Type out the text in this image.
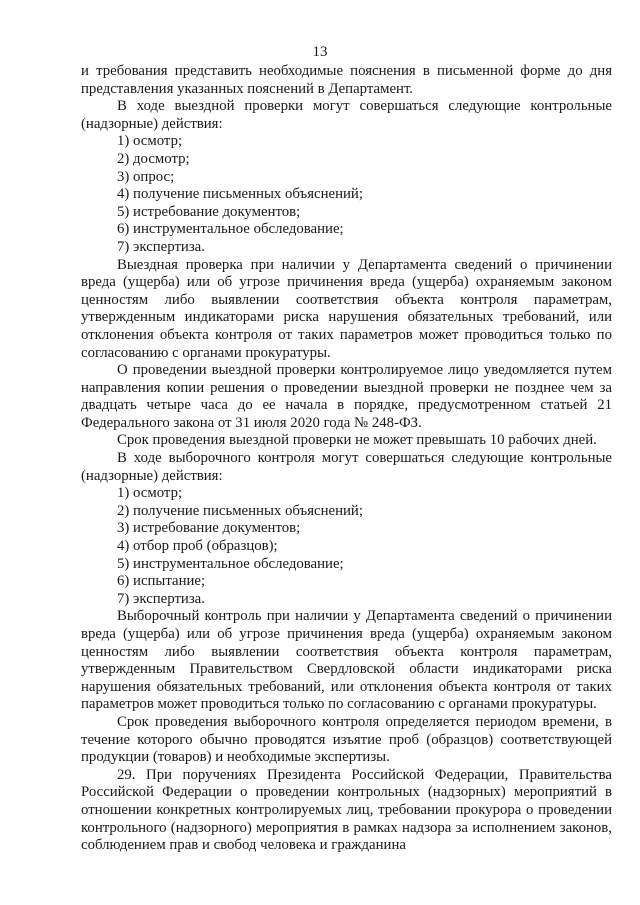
13
и требования представить необходимые пояснения в письменной форме до дня представления указанных пояснений в Департамент.
В ходе выездной проверки могут совершаться следующие контрольные (надзорные) действия:
1) осмотр;
2) досмотр;
3) опрос;
4) получение письменных объяснений;
5) истребование документов;
6) инструментальное обследование;
7) экспертиза.
Выездная проверка при наличии у Департамента сведений о причинении вреда (ущерба) или об угрозе причинения вреда (ущерба) охраняемым законом ценностям либо выявлении соответствия объекта контроля параметрам, утвержденным индикаторами риска нарушения обязательных требований, или отклонения объекта контроля от таких параметров может проводиться только по согласованию с органами прокуратуры.
О проведении выездной проверки контролируемое лицо уведомляется путем направления копии решения о проведении выездной проверки не позднее чем за двадцать четыре часа до ее начала в порядке, предусмотренном статьей 21 Федерального закона от 31 июля 2020 года № 248-ФЗ.
Срок проведения выездной проверки не может превышать 10 рабочих дней.
В ходе выборочного контроля могут совершаться следующие контрольные (надзорные) действия:
1) осмотр;
2) получение письменных объяснений;
3) истребование документов;
4) отбор проб (образцов);
5) инструментальное обследование;
6) испытание;
7) экспертиза.
Выборочный контроль при наличии у Департамента сведений о причинении вреда (ущерба) или об угрозе причинения вреда (ущерба) охраняемым законом ценностям либо выявлении соответствия объекта контроля параметрам, утвержденным Правительством Свердловской области индикаторами риска нарушения обязательных требований, или отклонения объекта контроля от таких параметров может проводиться только по согласованию с органами прокуратуры.
Срок проведения выборочного контроля определяется периодом времени, в течение которого обычно проводятся изъятие проб (образцов) соответствующей продукции (товаров) и необходимые экспертизы.
29. При поручениях Президента Российской Федерации, Правительства Российской Федерации о проведении контрольных (надзорных) мероприятий в отношении конкретных контролируемых лиц, требовании прокурора о проведении контрольного (надзорного) мероприятия в рамках надзора за исполнением законов, соблюдением прав и свобод человека и гражданина
